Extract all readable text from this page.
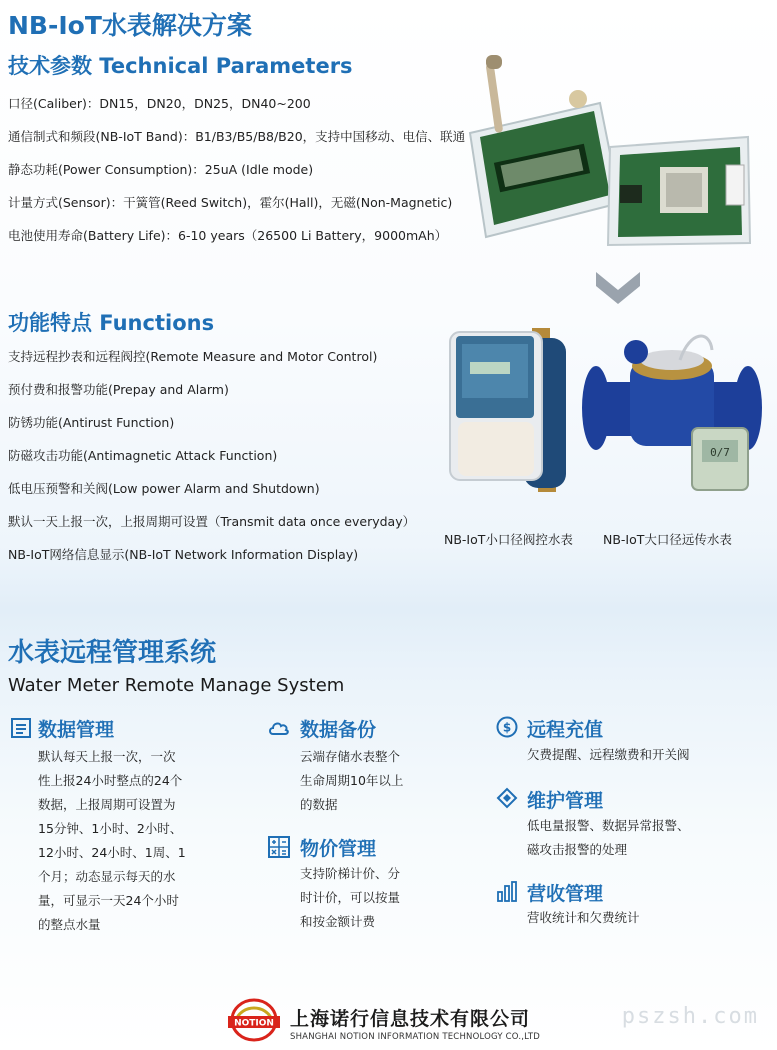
NB-IoT水表解决方案
技术参数 Technical Parameters
口径(Caliber)：DN15，DN20，DN25，DN40~200
通信制式和频段(NB-IoT Band)：B1/B3/B5/B8/B20，支持中国移动、电信、联通
静态功耗(Power Consumption)：25uA (Idle mode)
计量方式(Sensor)：干簧管(Reed Switch)，霍尔(Hall)，无磁(Non-Magnetic)
电池使用寿命(Battery Life)：6-10 years（26500 Li Battery，9000mAh）
功能特点 Functions
支持远程抄表和远程阀控(Remote Measure and Motor Control)
预付费和报警功能(Prepay and Alarm)
防锈功能(Antirust Function)
防磁攻击功能(Antimagnetic Attack Function)
低电压预警和关阀(Low power Alarm and Shutdown)
默认一天上报一次，上报周期可设置（Transmit data once everyday）
NB-IoT网络信息显示(NB-IoT Network Information Display)
0/7
NB-IoT小口径阀控水表 NB-IoT大口径远传水表
水表远程管理系统
Water Meter Remote Manage System
数据管理
默认每天上报一次，一次
性上报24小时整点的24个
数据，上报周期可设置为
15分钟、1小时、2小时、
12小时、24小时、1周、1
个月；动态显示每天的水
量，可显示一天24个小时
的整点水量
数据备份
云端存储水表整个
生命周期10年以上
的数据
物价管理
支持阶梯计价、分
时计价，可以按量
和按金额计费
$ 远程充值
欠费提醒、远程缴费和开关阀
维护管理
低电量报警、数据异常报警、
磁攻击报警的处理
营收管理
营收统计和欠费统计
NOTION 上海诺行信息技术有限公司
SHANGHAI NOTION INFORMATION TECHNOLOGY CO.,LTD
pszsh.com
